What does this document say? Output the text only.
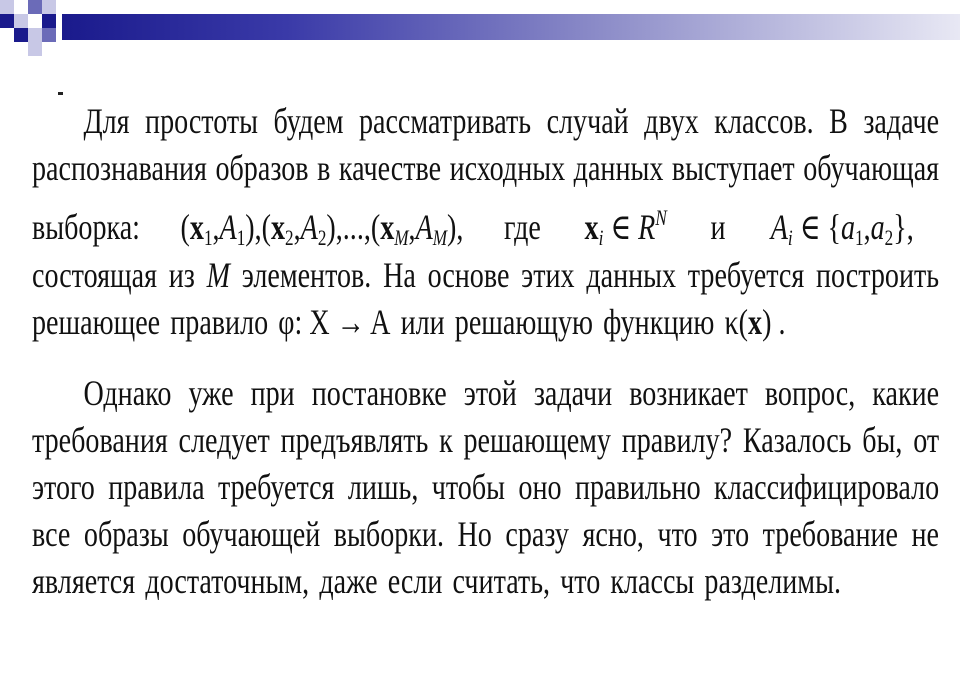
Для простоты будем рассматривать случай двух классов. В задаче
распознавания образов в качестве исходных данных выступает обучающая
выборка: $(x_1,A_1),(x_2,A_2),...,(x_M,A_M)$, где $x_i$ ∈ $R^N$ и $A_i$ ∈ $\{a_1,a_2\}$,
состоящая из M элементов. На основе этих данных требуется построить
решающее правило φ: X → A или решающую функцию κ(x) .
Однако уже при постановке этой задачи возникает вопрос, какие
требования следует предъявлять к решающему правилу? Казалось бы, от
этого правила требуется лишь, чтобы оно правильно классифицировало
все образы обучающей выборки. Но сразу ясно, что это требование не
является достаточным, даже если считать, что классы разделимы.
